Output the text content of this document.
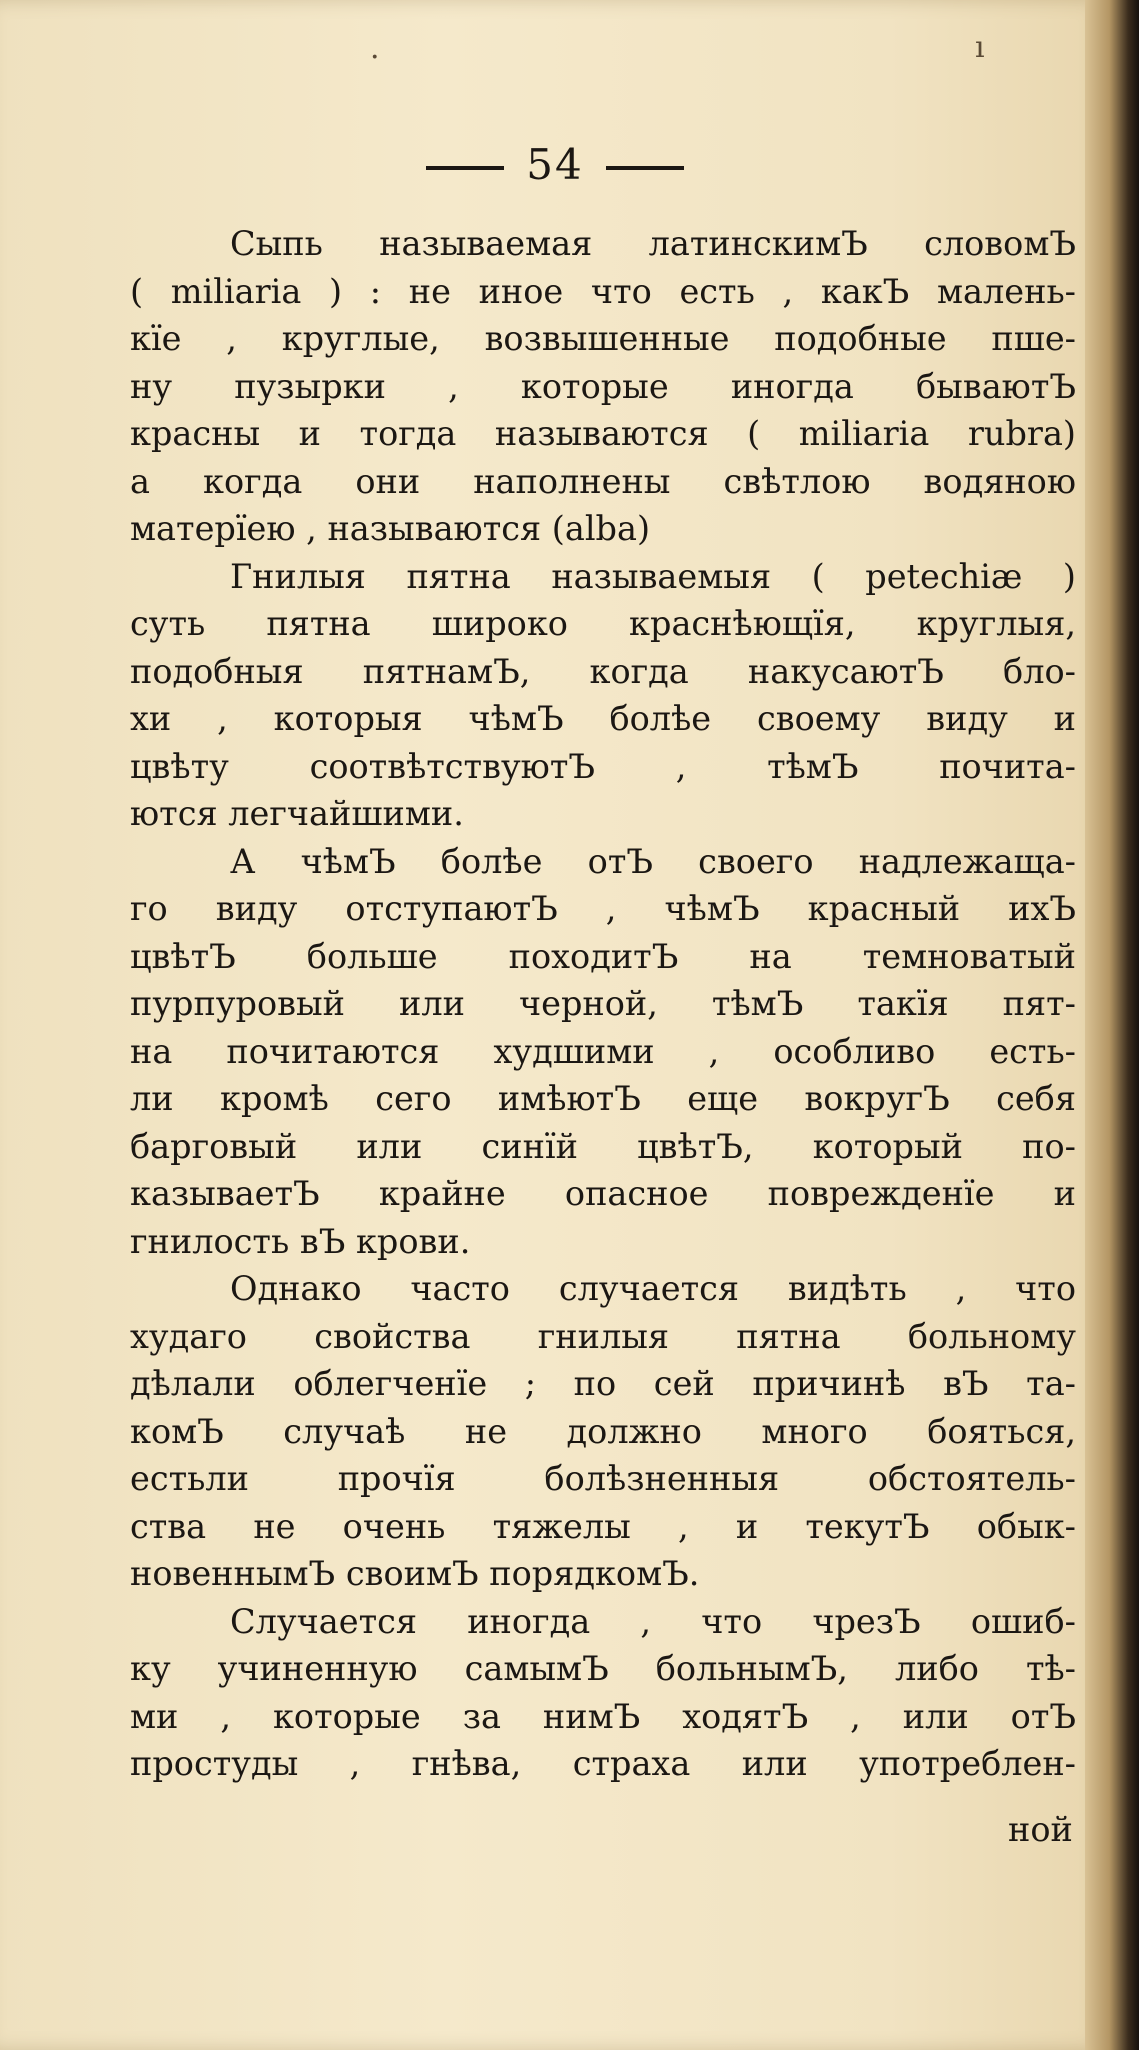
54
·	ı
Сыпь называемая латинскимЪ словомЪ
( miliaria ) : не иное что есть , какЪ малень-
кїе , круглые, возвышенные подобные пше-
ну пузырки , которые иногда бываютЪ
красны и тогда называются ( miliaria rubra)
а когда они наполнены свѣтлою водяною
матерїею , называются (alba)
Гнилыя пятна называемыя ( petechiæ )
суть пятна широко краснѣющїя, круглыя,
подобныя пятнамЪ, когда накусаютЪ бло-
хи , которыя чѣмЪ болѣе своему виду и
цвѣту соотвѣтствуютЪ , тѣмЪ почита-
ются легчайшими.
А чѣмЪ болѣе отЪ своего надлежаща-
го виду отступаютЪ , чѣмЪ красный ихЪ
цвѣтЪ больше походитЪ на темноватый
пурпуровый или черной, тѣмЪ такїя пят-
на почитаются худшими , особливо есть-
ли кромѣ сего имѣютЪ еще вокругЪ себя
барговый или синїй цвѣтЪ, который по-
казываетЪ крайне опасное поврежденїе и
гнилость вЪ крови.
Однако часто случается видѣть , что
худаго свойства гнилыя пятна больному
дѣлали облегченїе ; по сей причинѣ вЪ та-
комЪ случаѣ не должно много бояться,
естьли прочїя болѣзненныя обстоятель-
ства не очень тяжелы , и текутЪ обык-
новеннымЪ своимЪ порядкомЪ.
Случается иногда , что чрезЪ ошиб-
ку учиненную самымЪ больнымЪ, либо тѣ-
ми , которые за нимЪ ходятЪ , или отЪ
простуды , гнѣва, страха или употреблен-
ной
